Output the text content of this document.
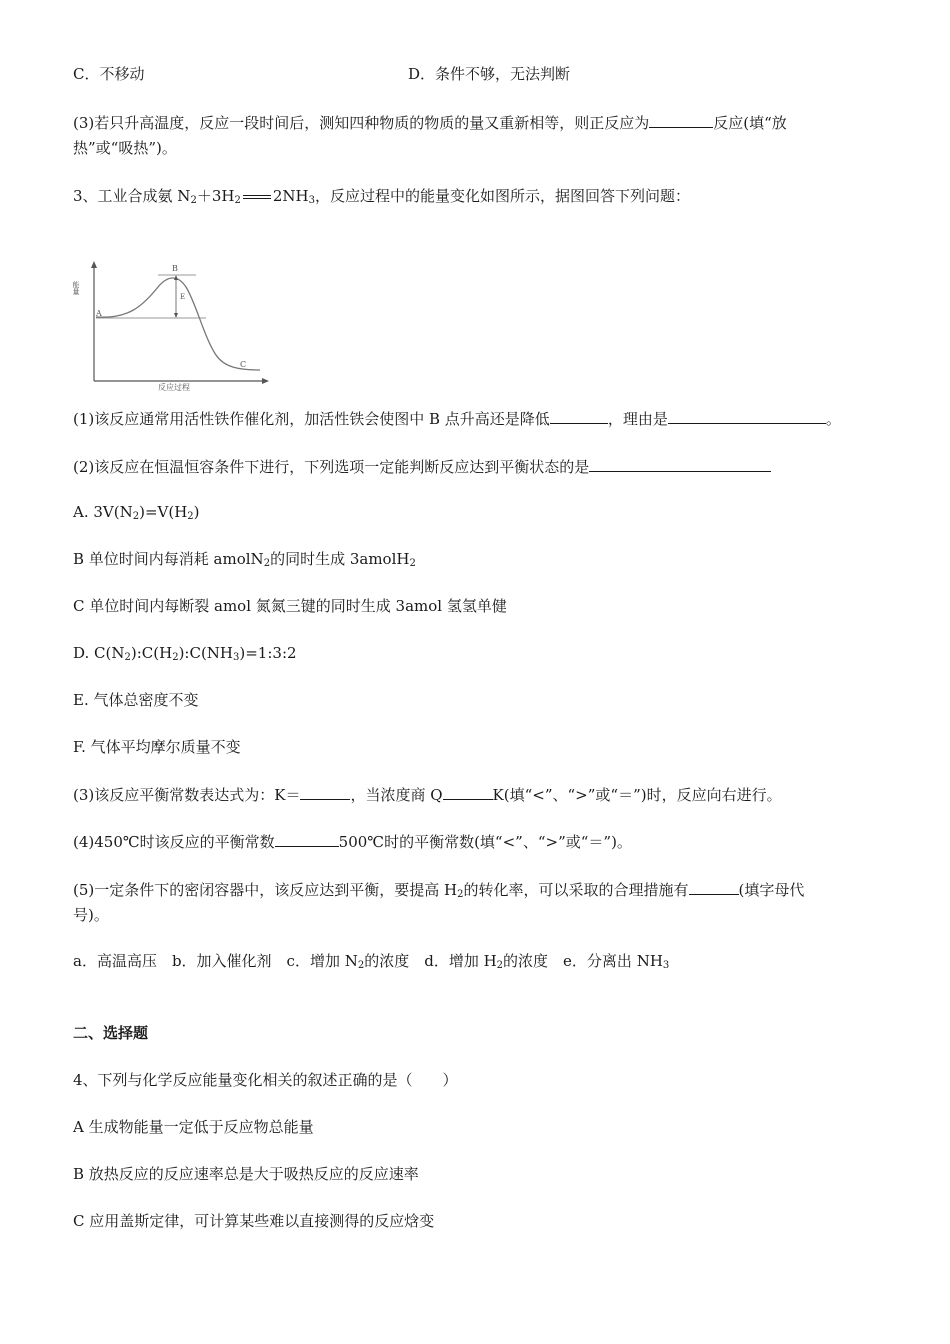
C．不移动	D．条件不够，无法判断
(3)若只升高温度，反应一段时间后，测知四种物质的物质的量又重新相等，则正反应为	反应(填“放
热”或“吸热”)。
3、工业合成氨 $N_2+3H_2$ $2NH_3$，反应过程中的能量变化如图所示，据图回答下列问题：
能量
反应过程
A
B
E
C
(1)该反应通常用活性铁作催化剂，加活性铁会使图中 B 点升高还是降低	，理由是	。
(2)该反应在恒温恒容条件下进行，下列选项一定能判断反应达到平衡状态的是
A. $3V(N_2)=V(H_2)$
B 单位时间内每消耗 amolN$_2$的同时生成 3amolH$_2$
C 单位时间内每断裂 amol 氮氮三键的同时生成 3amol 氢氢单健
D. $C(N_2):C(H_2):C(NH_3)=1:3:2$
E. 气体总密度不变
F. 气体平均摩尔质量不变
(3)该反应平衡常数表达式为：K＝	，当浓度商 Q	K(填“<”、“>”或“＝”)时，反应向右进行。
(4)450℃时该反应的平衡常数	500℃时的平衡常数(填“<”、“>”或“＝”)。
(5)一定条件下的密闭容器中，该反应达到平衡，要提高 $H_2$的转化率，可以采取的合理措施有	(填字母代
号)。
a．高温高压　b．加入催化剂　c．增加 $N_2$的浓度　d．增加 $H_2$的浓度　e．分离出 $NH_3$
二、选择题
4、下列与化学反应能量变化相关的叙述正确的是（　　）
A 生成物能量一定低于反应物总能量
B 放热反应的反应速率总是大于吸热反应的反应速率
C 应用盖斯定律，可计算某些难以直接测得的反应焓变
